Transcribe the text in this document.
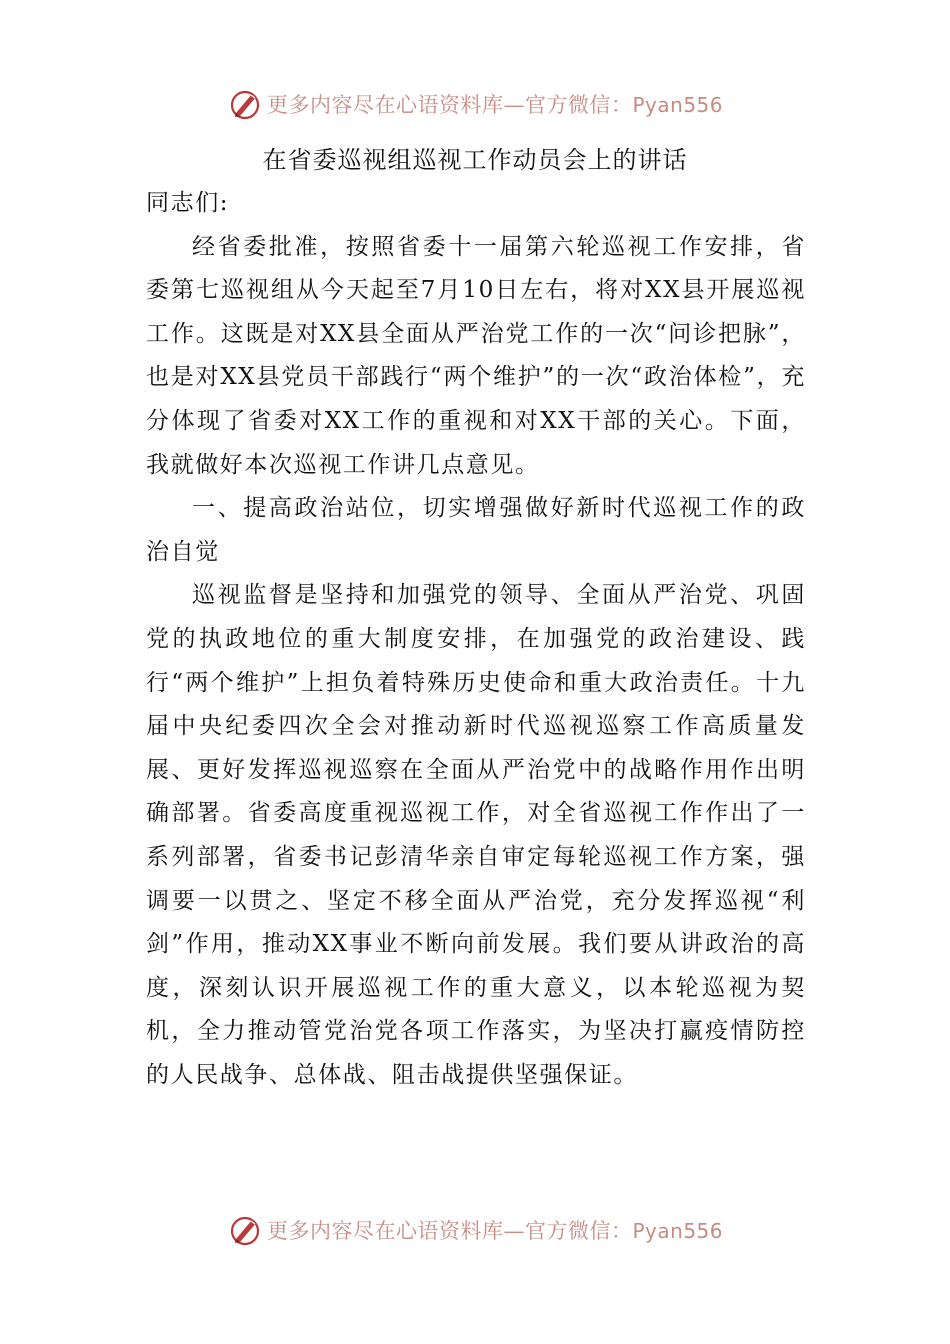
更多内容尽在心语资料库—官方微信：Pyan556
在省委巡视组巡视工作动员会上的讲话

同志们:

经省委批准，按照省委十一届第六轮巡视工作安排，省委第七巡视组从今天起至7月10日左右，将对XX县开展巡视工作。这既是对XX县全面从严治党工作的一次“问诊把脉”，也是对XX县党员干部践行“两个维护”的一次“政治体检”，充分体现了省委对XX工作的重视和对XX干部的关心。下面，我就做好本次巡视工作讲几点意见。

一、提高政治站位，切实增强做好新时代巡视工作的政治自觉

巡视监督是坚持和加强党的领导、全面从严治党、巩固党的执政地位的重大制度安排，在加强党的政治建设、践行“两个维护”上担负着特殊历史使命和重大政治责任。十九届中央纪委四次全会对推动新时代巡视巡察工作高质量发展、更好发挥巡视巡察在全面从严治党中的战略作用作出明确部署。省委高度重视巡视工作，对全省巡视工作作出了一系列部署，省委书记彭清华亲自审定每轮巡视工作方案，强调要一以贯之、坚定不移全面从严治党，充分发挥巡视“利剑”作用，推动XX事业不断向前发展。我们要从讲政治的高度，深刻认识开展巡视工作的重大意义，以本轮巡视为契机，全力推动管党治党各项工作落实，为坚决打赢疫情防控的人民战争、总体战、阻击战提供坚强保证。

更多内容尽在心语资料库—官方微信：Pyan556
